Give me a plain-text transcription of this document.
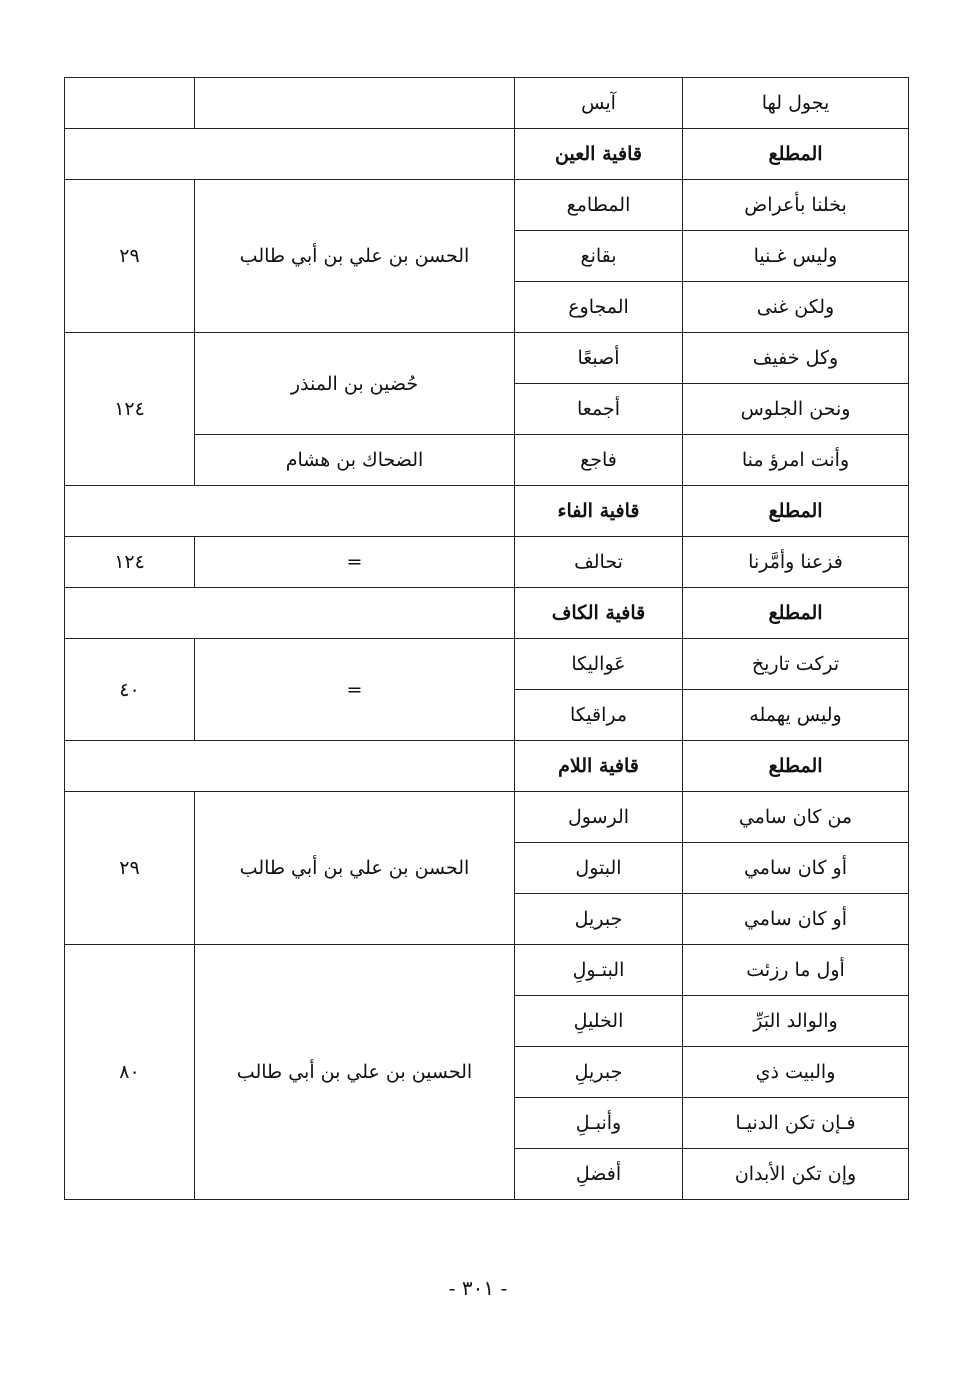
يجول لها	آيس		
المطلع	قافية العين		
بخلنا بأعراض	المطامع	الحسن بن علي بن أبي طالب	٢٩
وليس غـنيا	بقانع		
ولكن غنى	المجاوع		
وكل خفيف	أصبعًا	حُضين بن المنذر	١٢٤
ونحن الجلوس	أجمعا		
وأنت امرؤ منا	فاجع	الضحاك بن هشام	
المطلع	قافية الفاء		
فزعنا وأمَّرنا	تحالف	=	١٢٤
المطلع	قافية الكاف		
تركت تاريخ	عَواليكا	=	٤٠
وليس يهمله	مراقيكا		
المطلع	قافية اللام		
من كان سامي	الرسول	الحسن بن علي بن أبي طالب	٢٩
أو كان سامي	البتول		
أو كان سامي	جبريل		
أول ما رزئت	البتـولِ	الحسين بن علي بن أبي طالب	٨٠
والوالد البَرِّ	الخليلِ		
والبيت ذي	جبريلِ		
فـإن تكن الدنيـا	وأنبـلِ		
وإن تكن الأبدان	أفضلِ		
- ٣٠١ -
